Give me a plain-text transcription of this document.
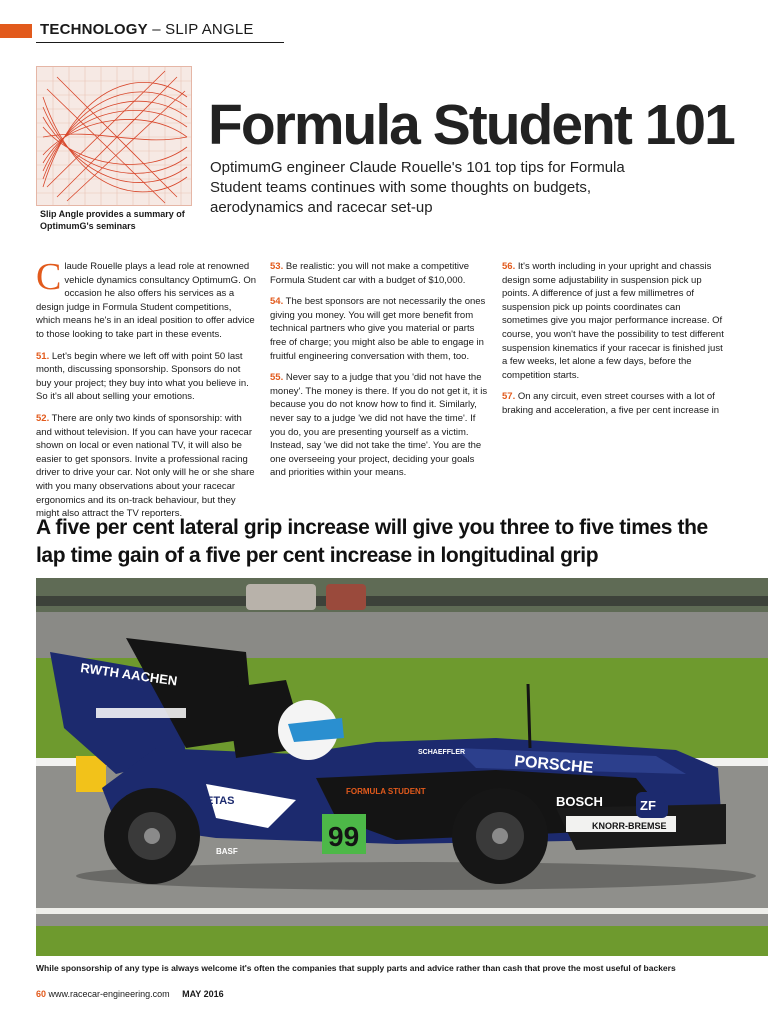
TECHNOLOGY – SLIP ANGLE
Slip Angle provides a summary of OptimumG's seminars
Formula Student 101

OptimumG engineer Claude Rouelle's 101 top tips for Formula Student teams continues with some thoughts on budgets, aerodynamics and racecar set-up

Claude Rouelle plays a lead role at renowned vehicle dynamics consultancy OptimumG. On occasion he also offers his services as a design judge in Formula Student competitions, which means he's in an ideal position to offer advice to those looking to take part in these events.

51. Let's begin where we left off with point 50 last month, discussing sponsorship. Sponsors do not buy your project; they buy into what you believe in. So it's all about selling your emotions.

52. There are only two kinds of sponsorship: with and without television. If you can have your racecar shown on local or even national TV, it will also be easier to get sponsors. Invite a professional racing driver to drive your car. Not only will he or she share with you many observations about your racecar ergonomics and its on-track behaviour, but they might also attract the TV reporters.

53. Be realistic: you will not make a competitive Formula Student car with a budget of $10,000.

54. The best sponsors are not necessarily the ones giving you money. You will get more benefit from technical partners who give you material or parts free of charge; you might also be able to engage in fruitful engineering conversation with them, too.

55. Never say to a judge that you 'did not have the money'. The money is there. If you do not get it, it is because you do not know how to find it. Similarly, never say to a judge 'we did not have the time'. If you do, you are presenting yourself as a victim. Instead, say 'we did not take the time'. You are the one overseeing your project, deciding your goals and priorities within your means.

56. It's worth including in your upright and chassis design some adjustability in suspension pick up points. A difference of just a few millimetres of suspension pick up points coordinates can sometimes give you major performance increase. Of course, you won't have the possibility to test different suspension kinematics if your racecar is finished just a few weeks, let alone a few days, before the competition starts.

57. On any circuit, even street courses with a lot of braking and acceleration, a five per cent increase in

A five per cent lateral grip increase will give you three to five times the lap time gain of a five per cent increase in longitudinal grip
RWTH AACHEN
99
PORSCHE
BOSCH	ZF
KNORR-BREMSE
ETAS
SCHAEFFLER
BASF
FORMULA STUDENT
While sponsorship of any type is always welcome it's often the companies that supply parts and advice rather than cash that prove the most useful of backers
60 www.racecar-engineering.com MAY 2016
